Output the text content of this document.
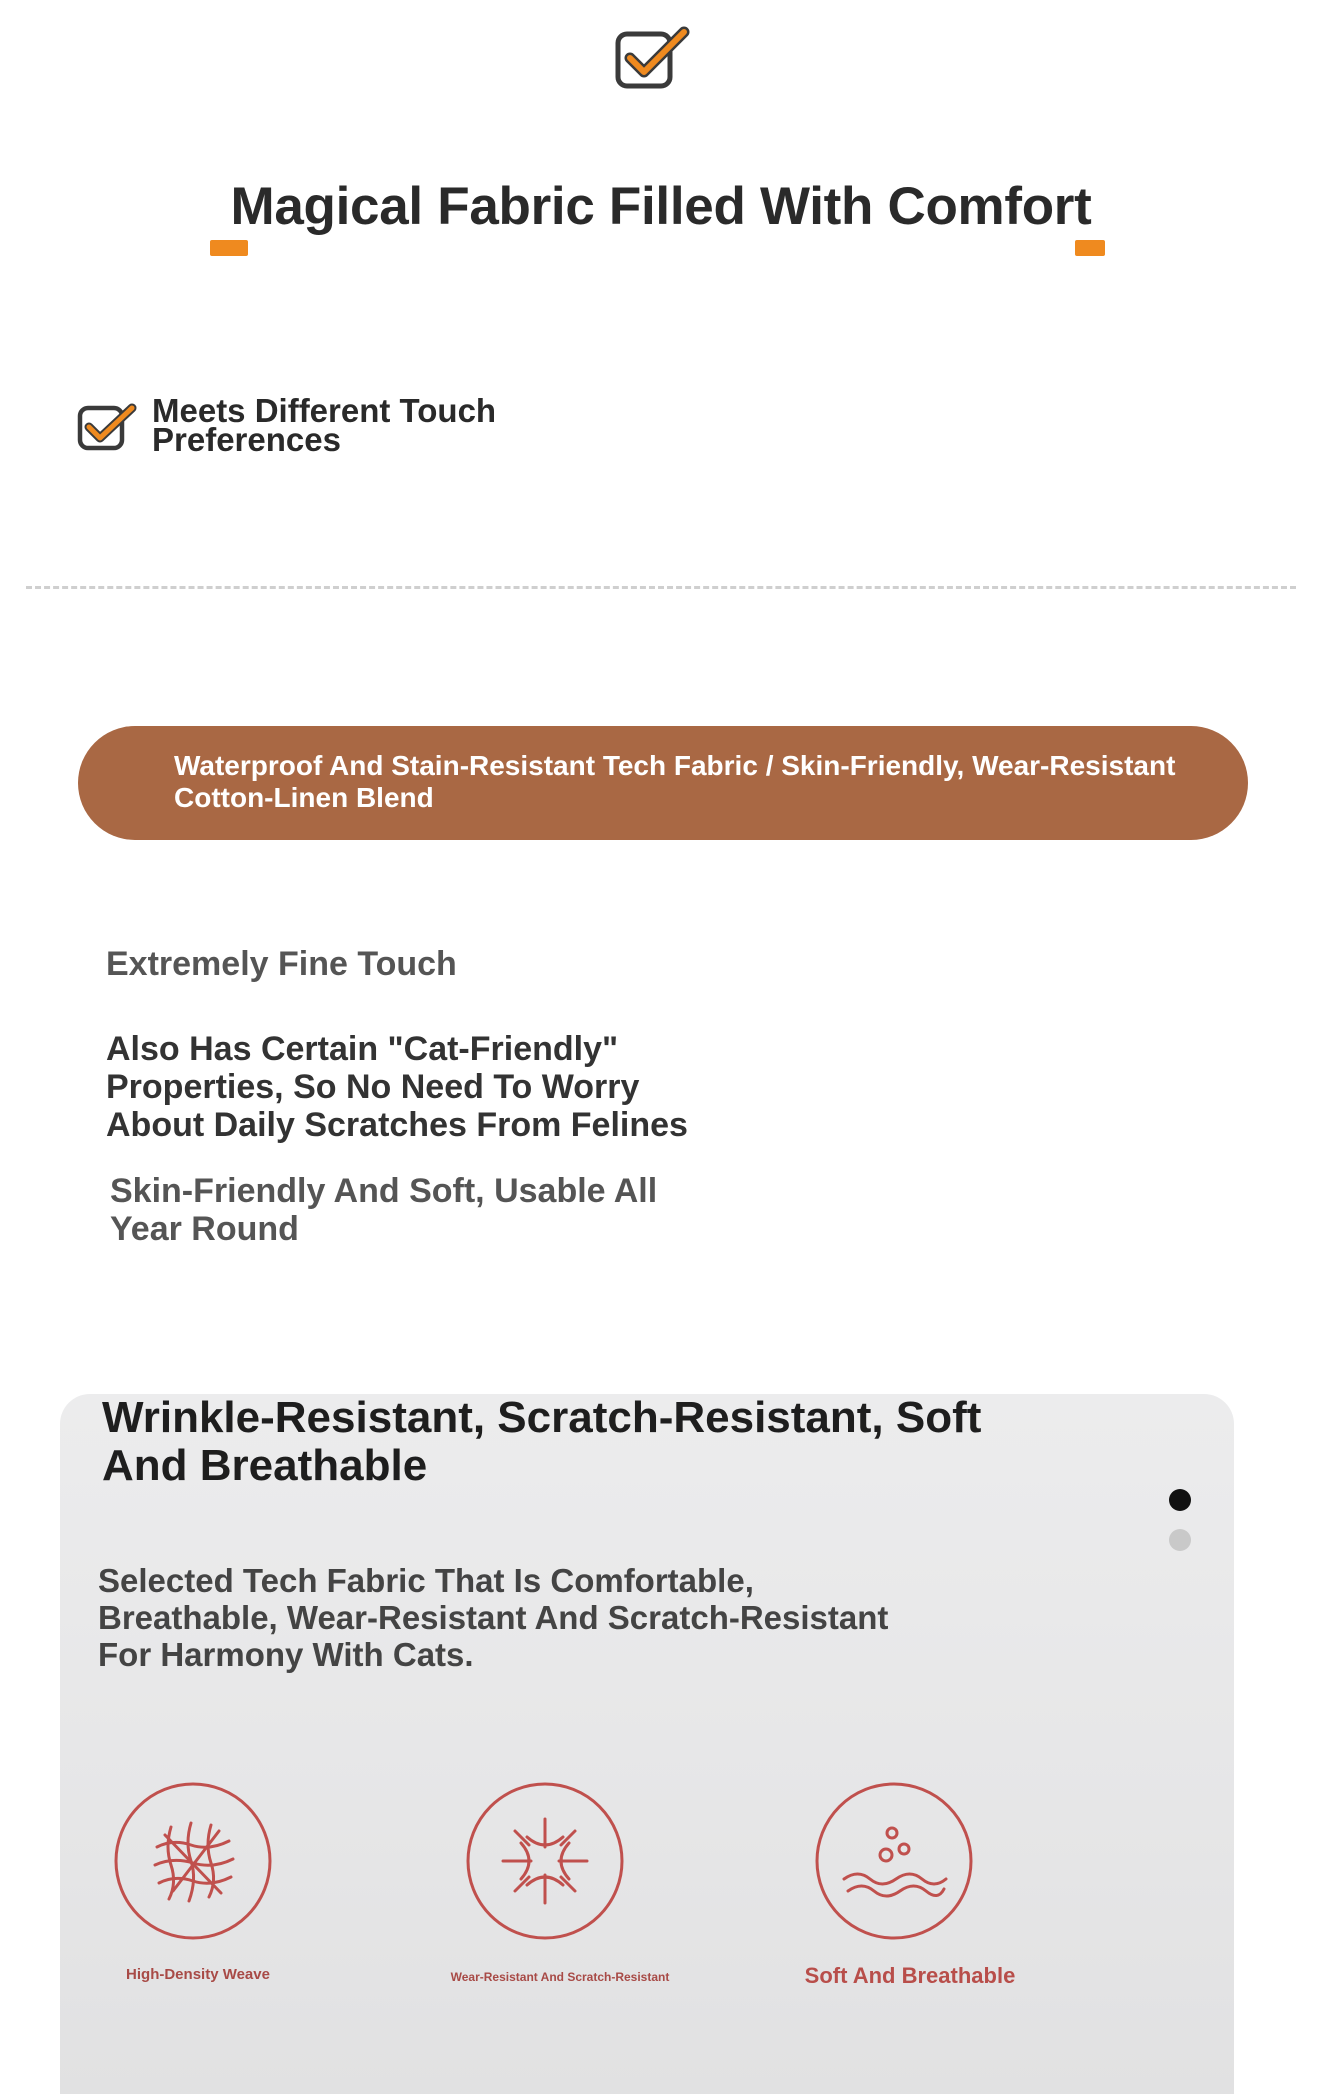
Magical Fabric Filled With Comfort
Meets Different Touch Preferences
Waterproof And Stain-Resistant Tech Fabric / Skin-Friendly, Wear-Resistant Cotton-Linen Blend
Extremely Fine Touch
Also Has Certain "Cat-Friendly" Properties, So No Need To Worry About Daily Scratches From Felines
Skin-Friendly And Soft, Usable All Year Round
Wrinkle-Resistant, Scratch-Resistant, Soft And Breathable
Selected Tech Fabric That Is Comfortable, Breathable, Wear-Resistant And Scratch-Resistant For Harmony With Cats.
High-Density Weave	Wear-Resistant And Scratch-Resistant	Soft And Breathable
